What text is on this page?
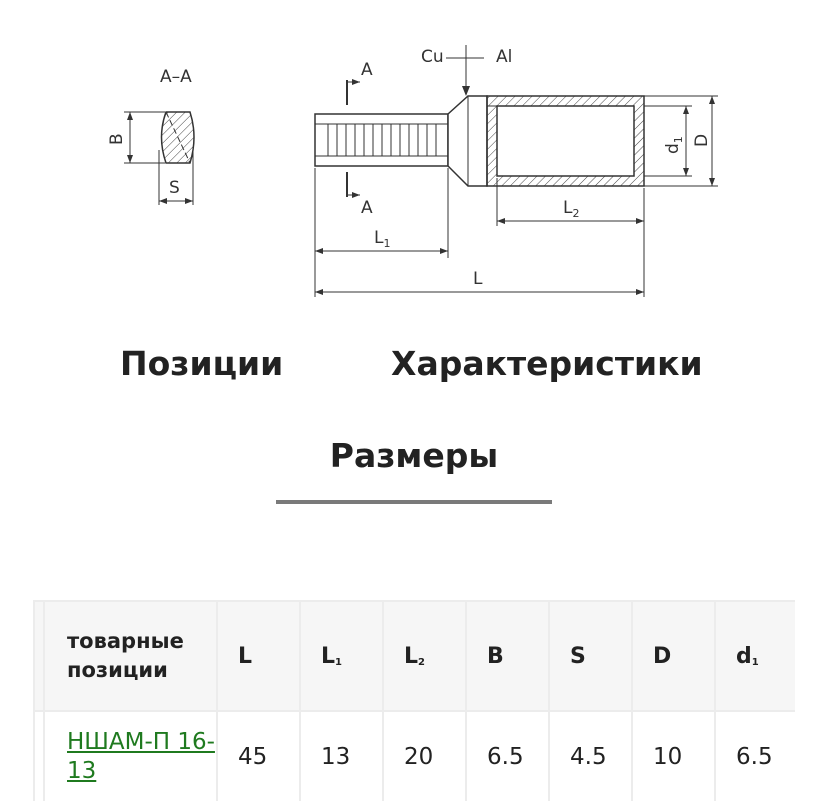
А–А
В
S
Cu	Al
А
А
$L_1$
$L_2$
L
$d_1$ D
Позиции	Характеристики
Размеры
	товарные
позиции	L	$L_1$	$L_2$	B	S	D	$d_1$
	НШАМ-П 16-13	45	13	20	6.5	4.5	10	6.5
